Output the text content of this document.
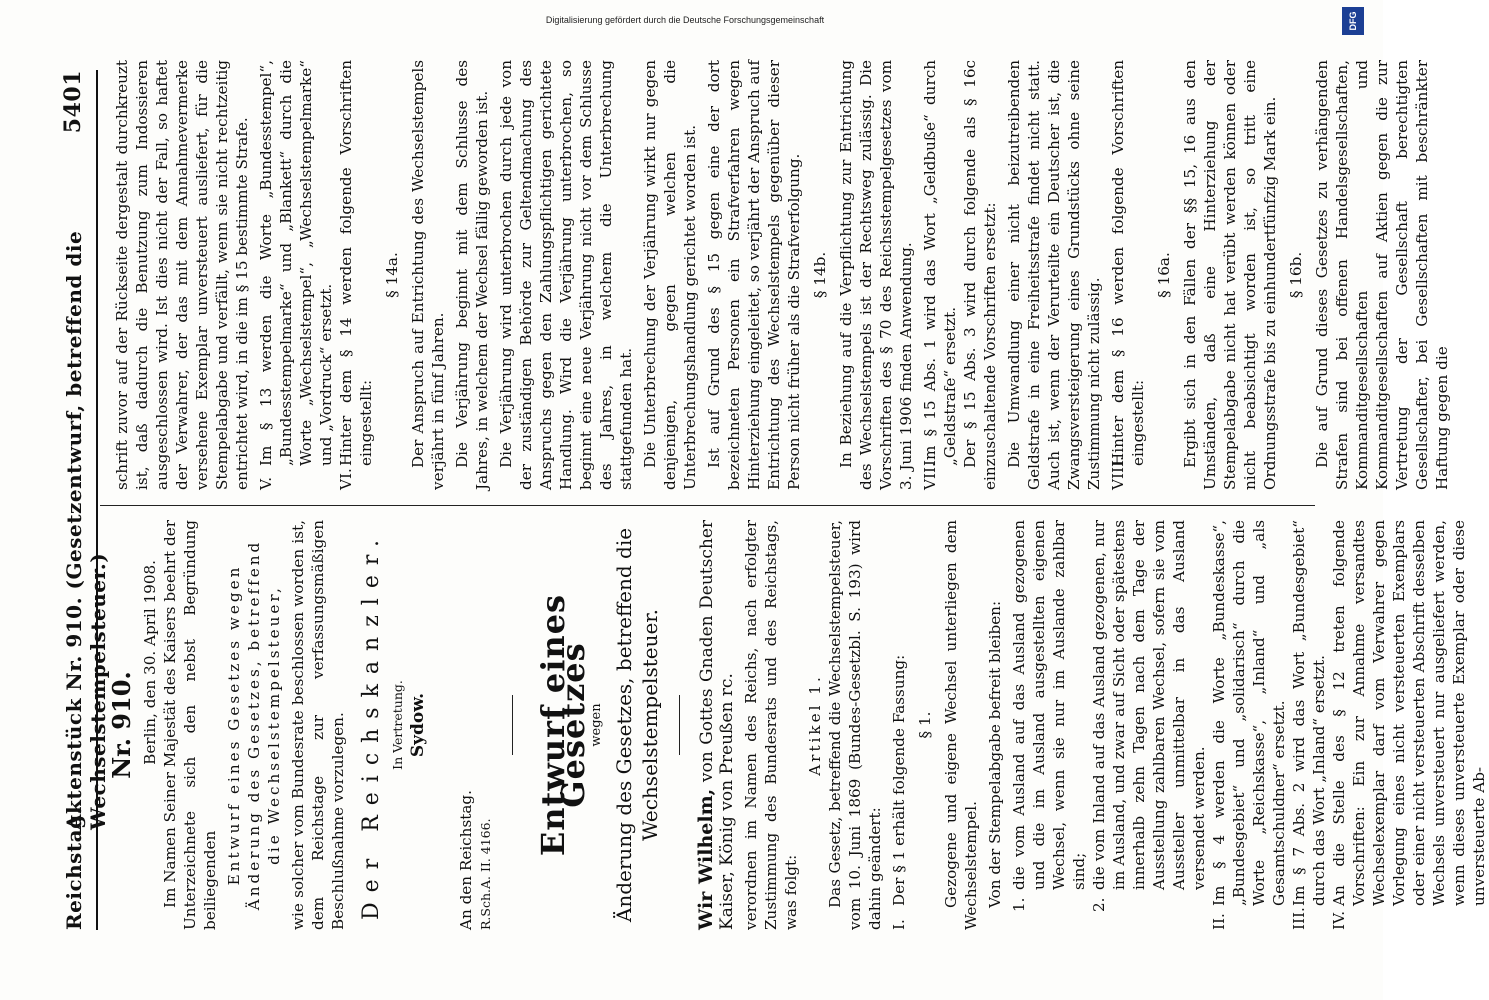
Reichstag.
Aktenstück Nr. 910. (Gesetzentwurf, betreffend die Wechselstempelsteuer.)
5401
Nr. 910. Berlin, den 30. April 1908. Im Namen Seiner Majestät des Kaisers beehrt der Unterzeichnete sich den nebst Begründung beiliegenden Entwurf eines Gesetzes wegen Änderung des Gesetzes, betreffend die Wechselstempelsteuer, wie solcher vom Bundesrate beschlossen worden ist, dem Reichstage zur verfassungsmäßigen Beschlußnahme vorzulegen. Der Reichskanzler. In Vertretung. Sydow.
An den Reichstag. R.Sch.A. II. 4166.
Entwurf eines Gesetzes
wegen Änderung des Gesetzes, betreffend die Wechselstempelsteuer.

Wir Wilhelm, von Gottes Gnaden Deutscher Kaiser, König von Preußen rc. verordnen im Namen des Reichs, nach erfolgter Zustimmung des Bundesrats und des Reichstags, was folgt:

Artikel 1. Das Gesetz, betreffend die Wechselstempelsteuer, vom 10. Juni 1869 (Bundes-Gesetzbl. S. 193) wird dahin geändert: I.
Der § 1 erhält folgende Fassung: § 1. Gezogene und eigene Wechsel unterliegen dem Wechselstempel. Von der Stempelabgabe befreit bleiben: 1.
die vom Ausland auf das Ausland gezogenen und die im Ausland ausgestellten eigenen Wechsel, wenn sie nur im Auslande zahlbar sind;
2.
die vom Inland auf das Ausland gezogenen, nur im Ausland, und zwar auf Sicht oder spätestens innerhalb zehn Tagen nach dem Tage der Ausstellung zahlbaren Wechsel, sofern sie vom Aussteller unmittelbar in das Ausland versendet werden.
II.
Im § 4 werden die Worte „Bundeskasse“, „Bundesgebiet“ und „solidarisch“ durch die Worte „Reichskasse“, „Inland“ und „als Gesamtschuldner“ ersetzt.
III.
Im § 7 Abs. 2 wird das Wort „Bundesgebiet“ durch das Wort „Inland“ ersetzt.
IV.
An die Stelle des § 12 treten folgende Vorschriften: Ein zur Annahme versandtes Wechselexemplar darf vom Verwahrer gegen Vorlegung eines nicht versteuerten Exemplars oder einer nicht versteuerten Abschrift desselben Wechsels unversteuert nur ausgeliefert werden, wenn dieses unversteuerte Exemplar oder diese unversteuerte Ab-

schrift zuvor auf der Rückseite dergestalt durchkreuzt ist, daß dadurch die Benutzung zum Indossieren ausgeschlossen wird. Ist dies nicht der Fall, so haftet der Verwahrer, der das mit dem Annahmevermerke versehene Exemplar unversteuert ausliefert, für die Stempelabgabe und verfällt, wenn sie nicht rechtzeitig entrichtet wird, in die im § 15 bestimmte Strafe. V.
Im § 13 werden die Worte „Bundesstempel“, „Bundesstempelmarke“ und „Blankett“ durch die Worte „Wechselstempel“, „Wechselstempelmarke“ und „Vordruck“ ersetzt.
VI.
Hinter dem § 14 werden folgende Vorschriften eingestellt:
§ 14a. Der Anspruch auf Entrichtung des Wechselstempels verjährt in fünf Jahren. Die Verjährung beginnt mit dem Schlusse des Jahres, in welchem der Wechsel fällig geworden ist. Die Verjährung wird unterbrochen durch jede von der zuständigen Behörde zur Geltendmachung des Anspruchs gegen den Zahlungspflichtigen gerichtete Handlung. Wird die Verjährung unterbrochen, so beginnt eine neue Verjährung nicht vor dem Schlusse des Jahres, in welchem die Unterbrechung stattgefunden hat. Die Unterbrechung der Verjährung wirkt nur gegen denjenigen, gegen welchen die Unterbrechungshandlung gerichtet worden ist. Ist auf Grund des § 15 gegen eine der dort bezeichneten Personen ein Strafverfahren wegen Hinterziehung eingeleitet, so verjährt der Anspruch auf Entrichtung des Wechselstempels gegenüber dieser Person nicht früher als die Strafverfolgung. § 14b. In Beziehung auf die Verpflichtung zur Entrichtung des Wechselstempels ist der Rechtsweg zulässig. Die Vorschriften des § 70 des Reichsstempelgesetzes vom 3. Juni 1906 finden Anwendung. VII.
Im § 15 Abs. 1 wird das Wort „Geldbuße“ durch „Geldstrafe“ ersetzt. Der § 15 Abs. 3 wird durch folgende als § 16c einzuschaltende Vorschriften ersetzt: Die Umwandlung einer nicht beizutreibenden Geldstrafe in eine Freiheitsstrafe findet nicht statt. Auch ist, wenn der Verurteilte ein Deutscher ist, die Zwangsversteigerung eines Grundstücks ohne seine Zustimmung nicht zulässig. VIII.
Hinter dem § 16 werden folgende Vorschriften eingestellt:
§ 16a. Ergibt sich in den Fällen der §§ 15, 16 aus den Umständen, daß eine Hinterziehung der Stempelabgabe nicht hat verübt werden können oder nicht beabsichtigt worden ist, so tritt eine Ordnungsstrafe bis zu einhundertfünfzig Mark ein. § 16b. Die auf Grund dieses Gesetzes zu verhängenden Strafen sind bei offenen Handelsgesellschaften, Kommanditgesellschaften und Kommanditgesellschaften auf Aktien gegen die zur Vertretung der Gesellschaft berechtigten Gesellschafter, bei Gesellschaften mit beschränkter Haftung gegen die

Digitalisierung gefördert durch die Deutsche Forschungsgemeinschaft	DFG
